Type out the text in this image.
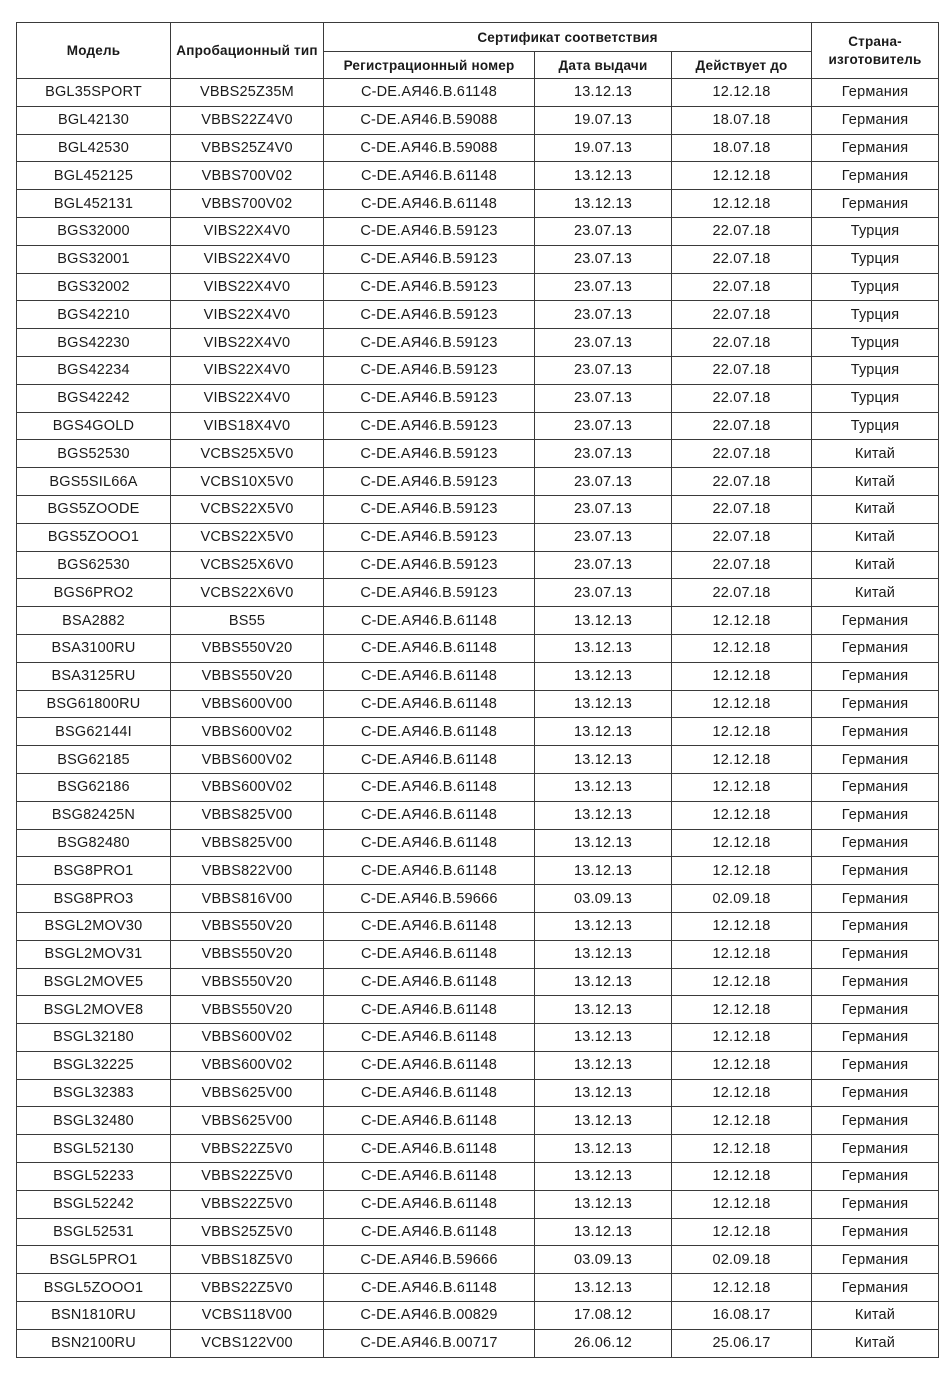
Модель	Апробационный тип	Сертификат соответствия			Страна-изготовитель
		Регистрационный номер	Дата выдачи	Действует до	
BGL35SPORT	VBBS25Z35M	C-DE.AЯ46.B.61148	13.12.13	12.12.18	Германия
BGL42130	VBBS22Z4V0	C-DE.AЯ46.B.59088	19.07.13	18.07.18	Германия
BGL42530	VBBS25Z4V0	C-DE.AЯ46.B.59088	19.07.13	18.07.18	Германия
BGL452125	VBBS700V02	C-DE.AЯ46.B.61148	13.12.13	12.12.18	Германия
BGL452131	VBBS700V02	C-DE.AЯ46.B.61148	13.12.13	12.12.18	Германия
BGS32000	VIBS22X4V0	C-DE.AЯ46.B.59123	23.07.13	22.07.18	Турция
BGS32001	VIBS22X4V0	C-DE.AЯ46.B.59123	23.07.13	22.07.18	Турция
BGS32002	VIBS22X4V0	C-DE.AЯ46.B.59123	23.07.13	22.07.18	Турция
BGS42210	VIBS22X4V0	C-DE.AЯ46.B.59123	23.07.13	22.07.18	Турция
BGS42230	VIBS22X4V0	C-DE.AЯ46.B.59123	23.07.13	22.07.18	Турция
BGS42234	VIBS22X4V0	C-DE.AЯ46.B.59123	23.07.13	22.07.18	Турция
BGS42242	VIBS22X4V0	C-DE.AЯ46.B.59123	23.07.13	22.07.18	Турция
BGS4GOLD	VIBS18X4V0	C-DE.AЯ46.B.59123	23.07.13	22.07.18	Турция
BGS52530	VCBS25X5V0	C-DE.AЯ46.B.59123	23.07.13	22.07.18	Китай
BGS5SIL66A	VCBS10X5V0	C-DE.AЯ46.B.59123	23.07.13	22.07.18	Китай
BGS5ZOODE	VCBS22X5V0	C-DE.AЯ46.B.59123	23.07.13	22.07.18	Китай
BGS5ZOOO1	VCBS22X5V0	C-DE.AЯ46.B.59123	23.07.13	22.07.18	Китай
BGS62530	VCBS25X6V0	C-DE.AЯ46.B.59123	23.07.13	22.07.18	Китай
BGS6PRO2	VCBS22X6V0	C-DE.AЯ46.B.59123	23.07.13	22.07.18	Китай
BSA2882	BS55	C-DE.AЯ46.B.61148	13.12.13	12.12.18	Германия
BSA3100RU	VBBS550V20	C-DE.AЯ46.B.61148	13.12.13	12.12.18	Германия
BSA3125RU	VBBS550V20	C-DE.AЯ46.B.61148	13.12.13	12.12.18	Германия
BSG61800RU	VBBS600V00	C-DE.AЯ46.B.61148	13.12.13	12.12.18	Германия
BSG62144I	VBBS600V02	C-DE.AЯ46.B.61148	13.12.13	12.12.18	Германия
BSG62185	VBBS600V02	C-DE.AЯ46.B.61148	13.12.13	12.12.18	Германия
BSG62186	VBBS600V02	C-DE.AЯ46.B.61148	13.12.13	12.12.18	Германия
BSG82425N	VBBS825V00	C-DE.AЯ46.B.61148	13.12.13	12.12.18	Германия
BSG82480	VBBS825V00	C-DE.AЯ46.B.61148	13.12.13	12.12.18	Германия
BSG8PRO1	VBBS822V00	C-DE.AЯ46.B.61148	13.12.13	12.12.18	Германия
BSG8PRO3	VBBS816V00	C-DE.AЯ46.B.59666	03.09.13	02.09.18	Германия
BSGL2MOV30	VBBS550V20	C-DE.AЯ46.B.61148	13.12.13	12.12.18	Германия
BSGL2MOV31	VBBS550V20	C-DE.AЯ46.B.61148	13.12.13	12.12.18	Германия
BSGL2MOVE5	VBBS550V20	C-DE.AЯ46.B.61148	13.12.13	12.12.18	Германия
BSGL2MOVE8	VBBS550V20	C-DE.AЯ46.B.61148	13.12.13	12.12.18	Германия
BSGL32180	VBBS600V02	C-DE.AЯ46.B.61148	13.12.13	12.12.18	Германия
BSGL32225	VBBS600V02	C-DE.AЯ46.B.61148	13.12.13	12.12.18	Германия
BSGL32383	VBBS625V00	C-DE.AЯ46.B.61148	13.12.13	12.12.18	Германия
BSGL32480	VBBS625V00	C-DE.AЯ46.B.61148	13.12.13	12.12.18	Германия
BSGL52130	VBBS22Z5V0	C-DE.AЯ46.B.61148	13.12.13	12.12.18	Германия
BSGL52233	VBBS22Z5V0	C-DE.AЯ46.B.61148	13.12.13	12.12.18	Германия
BSGL52242	VBBS22Z5V0	C-DE.AЯ46.B.61148	13.12.13	12.12.18	Германия
BSGL52531	VBBS25Z5V0	C-DE.AЯ46.B.61148	13.12.13	12.12.18	Германия
BSGL5PRO1	VBBS18Z5V0	C-DE.AЯ46.B.59666	03.09.13	02.09.18	Германия
BSGL5ZOOO1	VBBS22Z5V0	C-DE.AЯ46.B.61148	13.12.13	12.12.18	Германия
BSN1810RU	VCBS118V00	C-DE.AЯ46.B.00829	17.08.12	16.08.17	Китай
BSN2100RU	VCBS122V00	C-DE.AЯ46.B.00717	26.06.12	25.06.17	Китай
